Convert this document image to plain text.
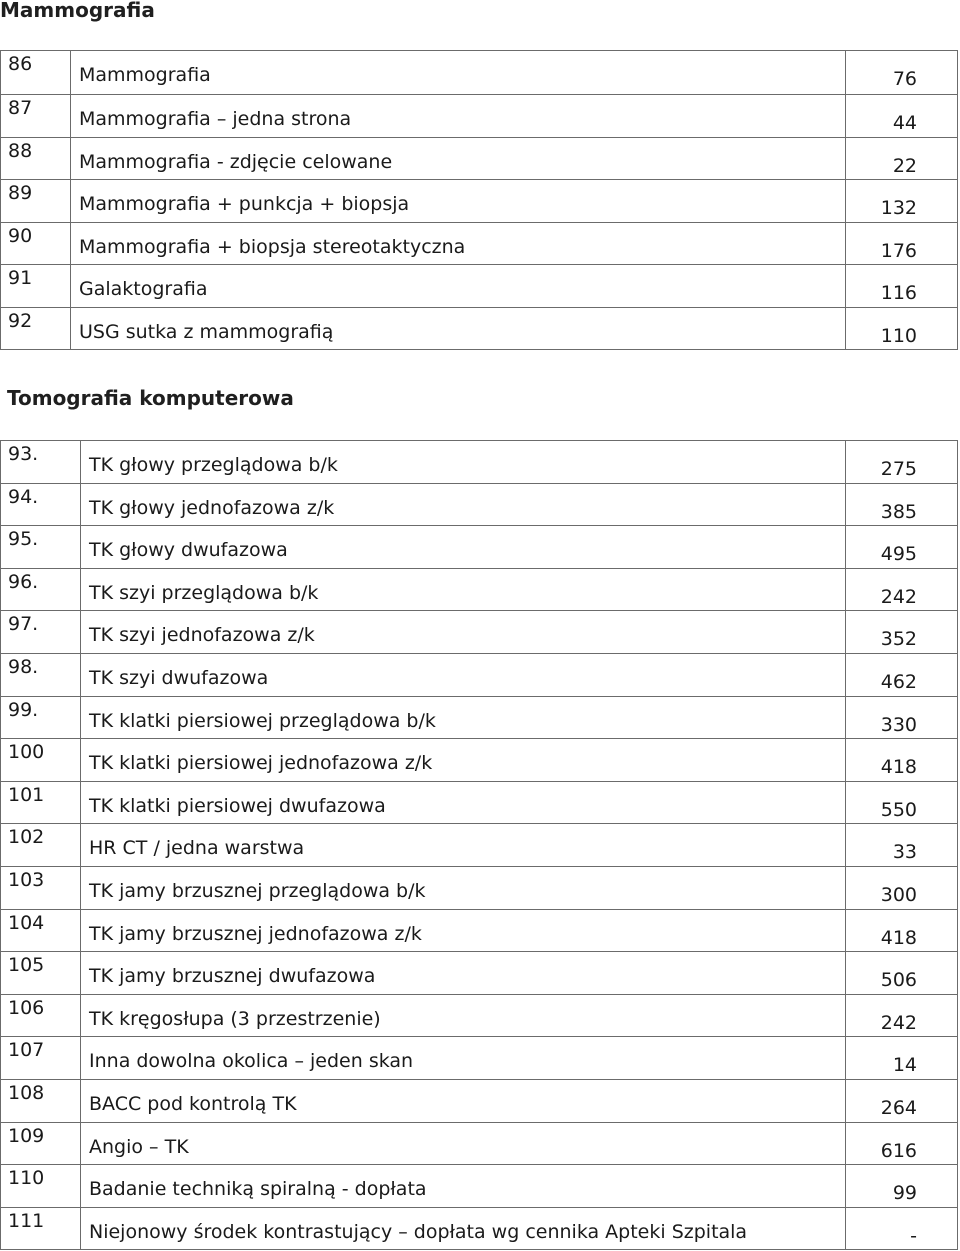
Mammografia
86	Mammografia	76

87	Mammografia – jedna strona	44

88	Mammografia - zdjęcie celowane	22

89	Mammografia + punkcja + biopsja	132

90	Mammografia + biopsja stereotaktyczna	176

91	Galaktografia	116

92	USG sutka z mammografią	110
Tomografia komputerowa
93.	TK głowy przeglądowa b/k	275

94.	TK głowy jednofazowa z/k	385

95.	TK głowy dwufazowa	495

96.	TK szyi przeglądowa b/k	242

97.	TK szyi jednofazowa z/k	352

98.	TK szyi dwufazowa	462

99.	TK klatki piersiowej przeglądowa b/k	330

100	TK klatki piersiowej jednofazowa z/k	418

101	TK klatki piersiowej dwufazowa	550

102	HR CT / jedna warstwa	33

103	TK jamy brzusznej przeglądowa b/k	300

104	TK jamy brzusznej jednofazowa z/k	418

105	TK jamy brzusznej dwufazowa	506

106	TK kręgosłupa (3 przestrzenie)	242

107	Inna dowolna okolica – jeden skan	14

108	BACC pod kontrolą TK	264

109	Angio – TK	616

110	Badanie techniką spiralną - dopłata	99

111	Niejonowy środek kontrastujący – dopłata wg cennika Apteki Szpitala	-
